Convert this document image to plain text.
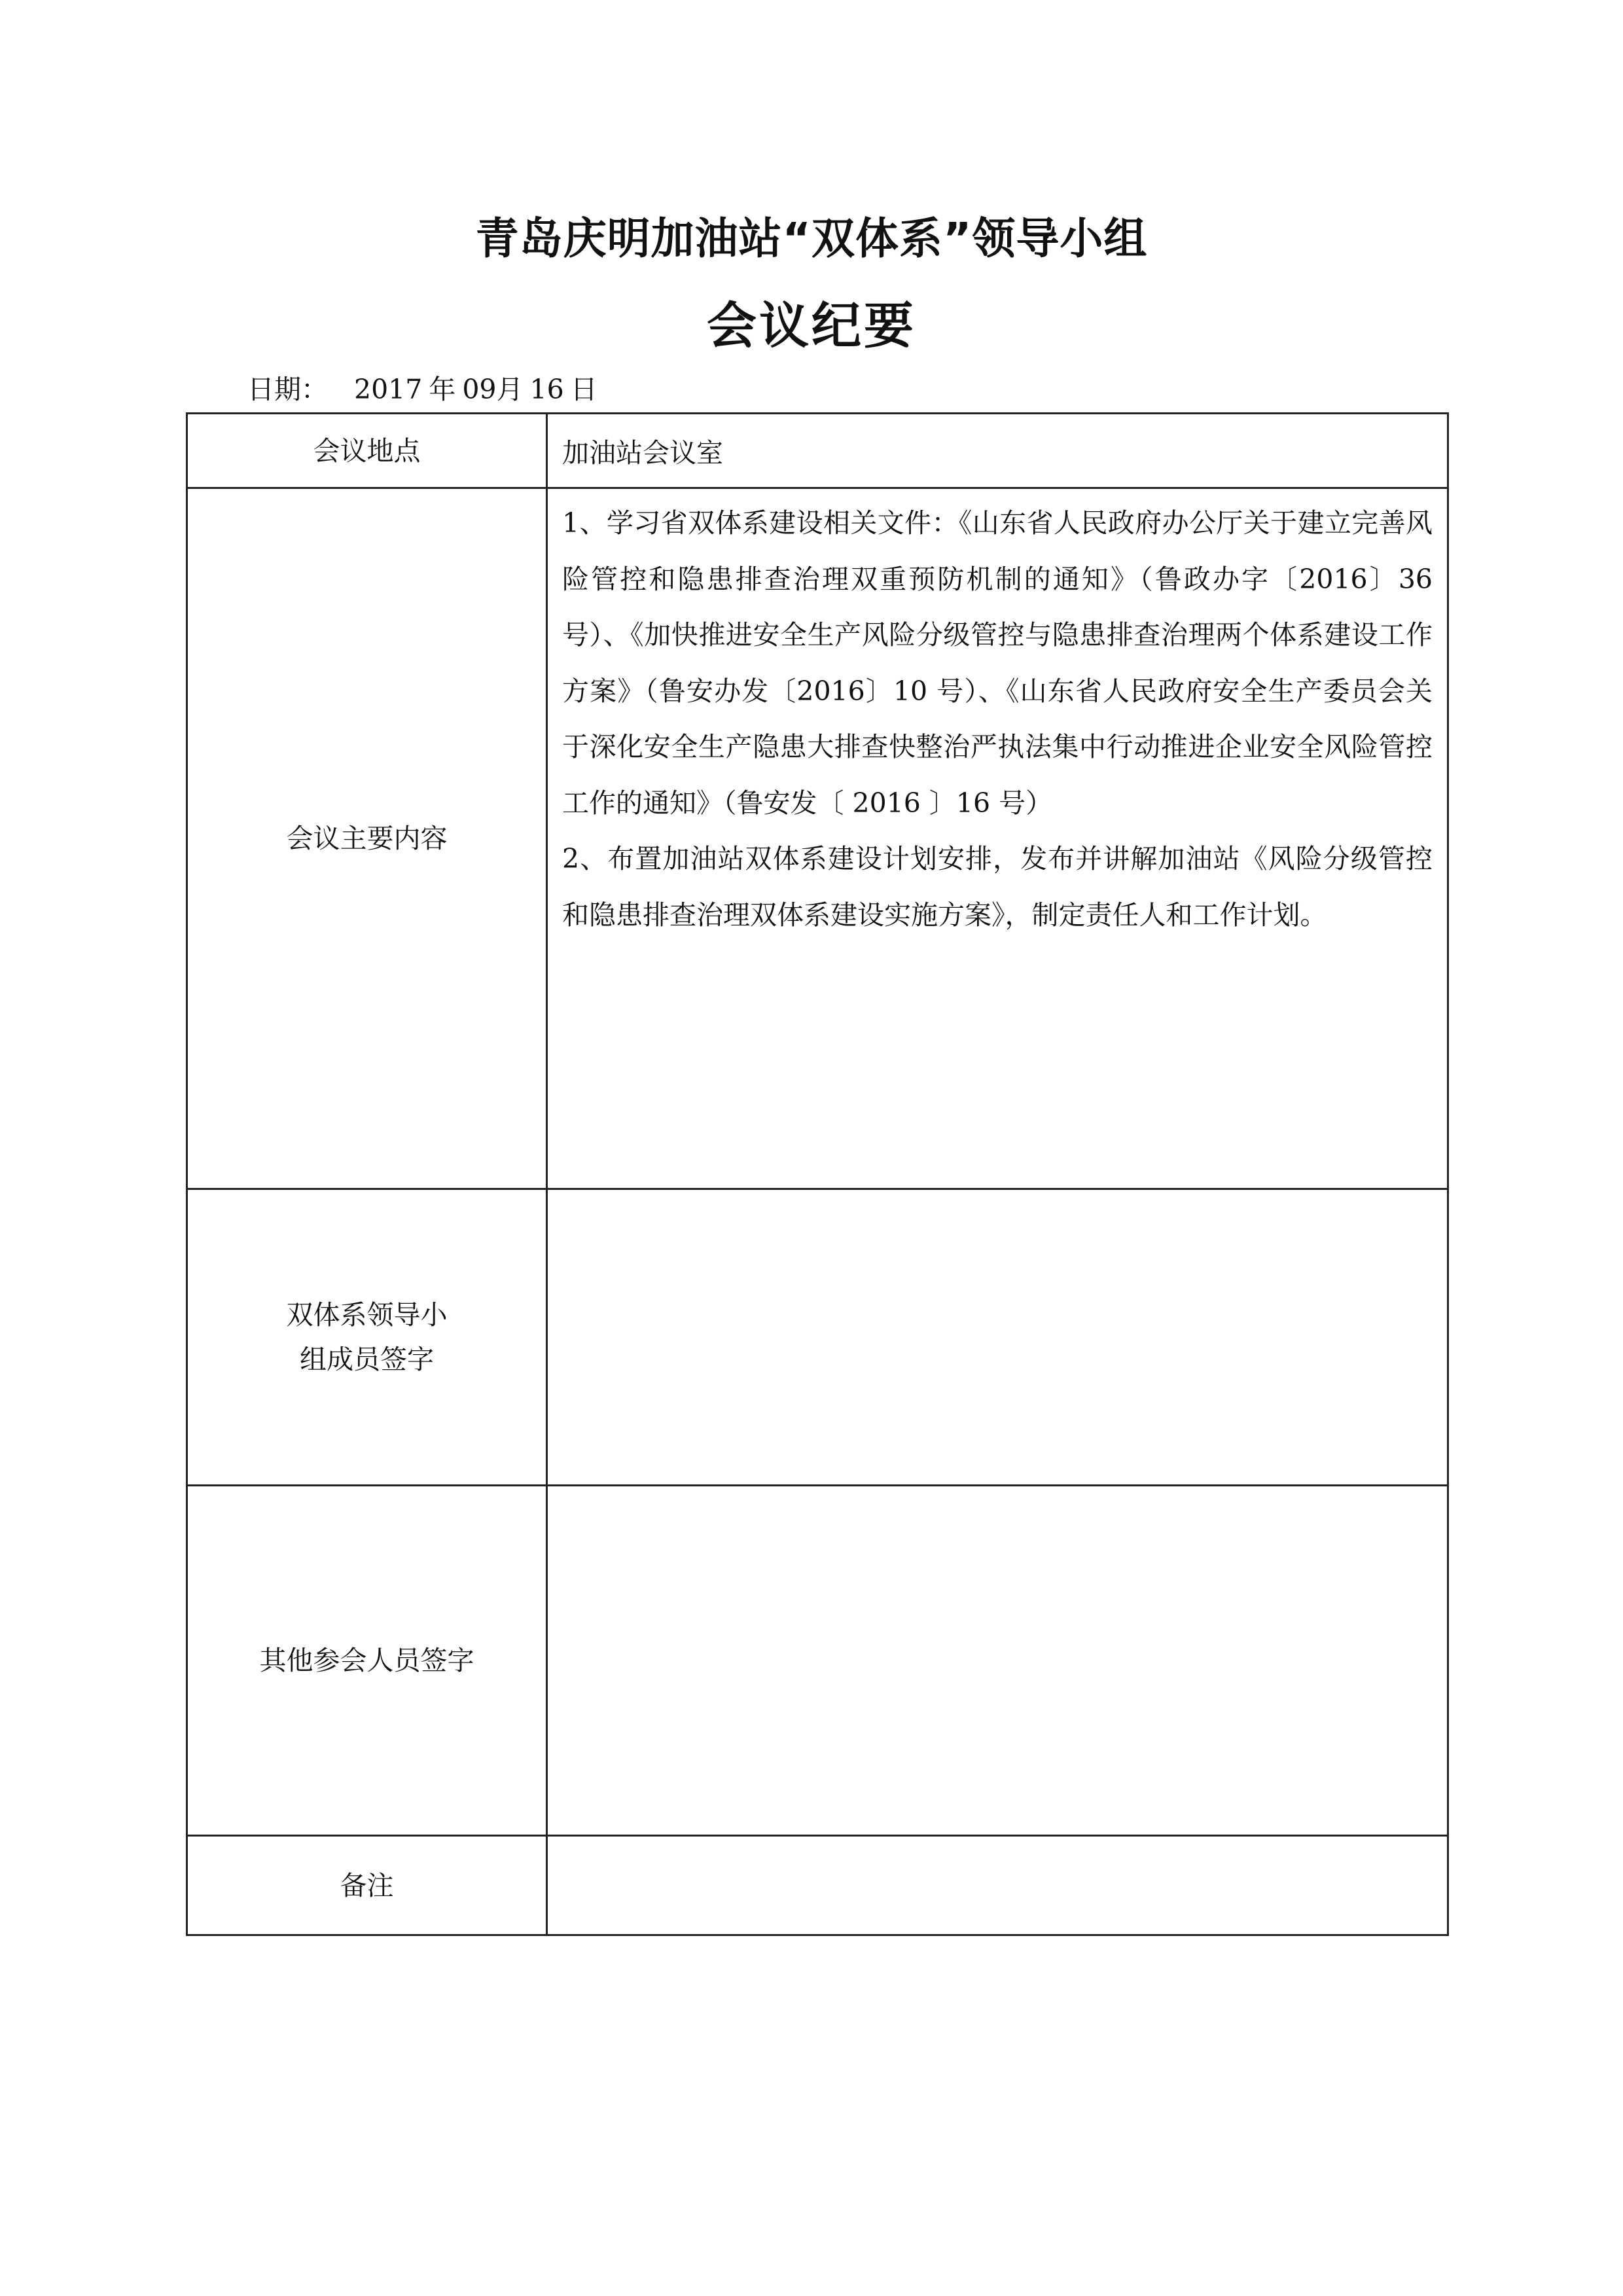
青岛庆明加油站“双体系”领导小组
会议纪要
日期： 2017 年 09月 16 日
会议地点	加油站会议室
会议主要内容	1、学习省双体系建设相关文件：《山东省人民政府办公厅关于建立完善风险管控和隐患排查治理双重预防机制的通知》（鲁政办字〔2016〕36 号）、《加快推进安全生产风险分级管控与隐患排查治理两个体系建设工作方案》（鲁安办发〔2016〕10 号）、《山东省人民政府安全生产委员会关于深化安全生产隐患大排查快整治严执法集中行动推进企业安全风险管控工作的通知》（鲁安发〔 2016 〕16 号）

2、布置加油站双体系建设计划安排，发布并讲解加油站《风险分级管控和隐患排查治理双体系建设实施方案》，制定责任人和工作计划。

双体系领导小
组成员签字	

其他参会人员签字	
备注	
